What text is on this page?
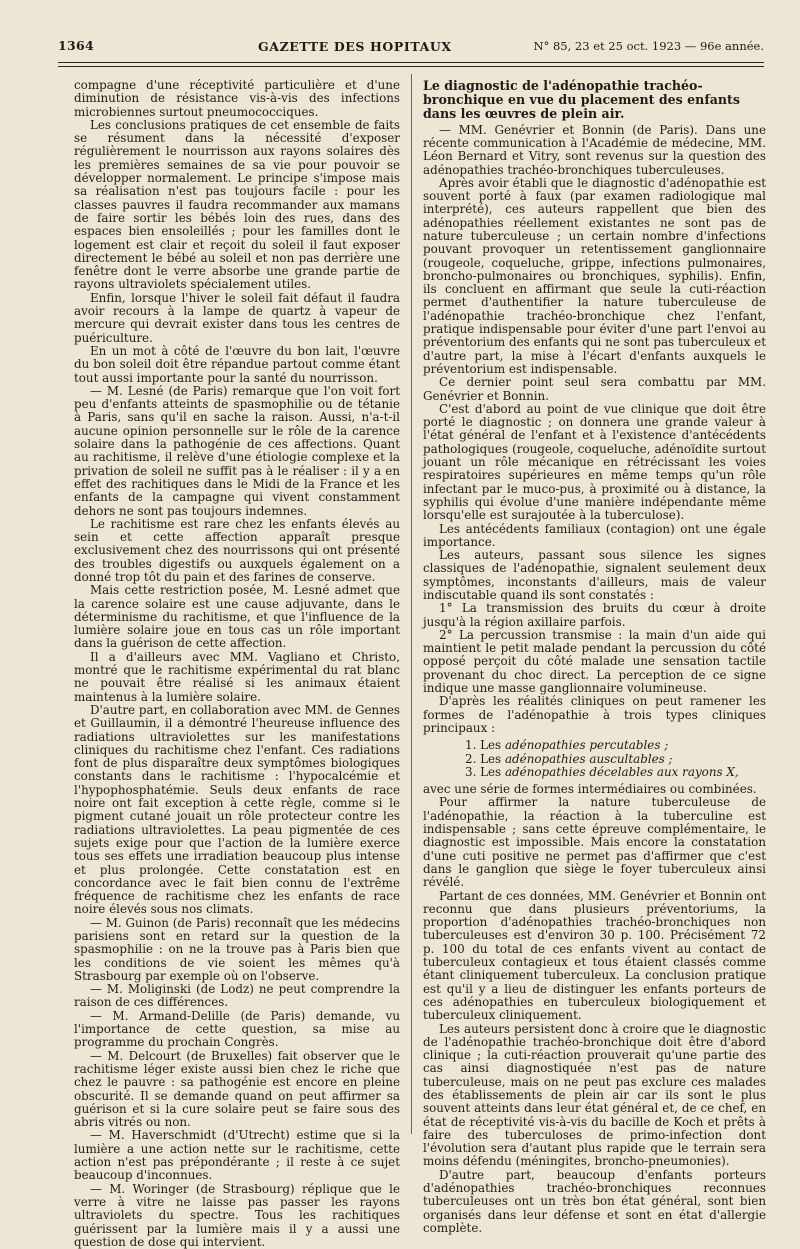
1364	GAZETTE DES HOPITAUX	N° 85, 23 et 25 oct. 1923 — 96e année.

compagne d'une réceptivité particulière et d'une diminution de résistance vis-à-vis des infections microbiennes surtout pneumococciques.

Les conclusions pratiques de cet ensemble de faits se résument dans la nécessité d'exposer régulièrement le nourrisson aux rayons solaires dès les premières semaines de sa vie pour pouvoir se développer normalement. Le principe s'impose mais sa réalisation n'est pas toujours facile : pour les classes pauvres il faudra recommander aux mamans de faire sortir les bébés loin des rues, dans des espaces bien ensoleillés ; pour les familles dont le logement est clair et reçoit du soleil il faut exposer directement le bébé au soleil et non pas derrière une fenêtre dont le verre absorbe une grande partie de rayons ultraviolets spécialement utiles.

Enfin, lorsque l'hiver le soleil fait défaut il faudra avoir recours à la lampe de quartz à vapeur de mercure qui devrait exister dans tous les centres de puériculture.

En un mot à côté de l'œuvre du bon lait, l'œuvre du bon soleil doit être répandue partout comme étant tout aussi importante pour la santé du nourrisson.

— M. Lesné (de Paris) remarque que l'on voit fort peu d'enfants atteints de spasmophilie ou de tétanie à Paris, sans qu'il en sache la raison. Aussi, n'a-t-il aucune opinion personnelle sur le rôle de la carence solaire dans la pathogénie de ces affections. Quant au rachitisme, il relève d'une étiologie complexe et la privation de soleil ne suffit pas à le réaliser : il y a en effet des rachitiques dans le Midi de la France et les enfants de la campagne qui vivent constamment dehors ne sont pas toujours indemnes.

Le rachitisme est rare chez les enfants élevés au sein et cette affection apparaît presque exclusivement chez des nourrissons qui ont présenté des troubles digestifs ou auxquels également on a donné trop tôt du pain et des farines de conserve.

Mais cette restriction posée, M. Lesné admet que la carence solaire est une cause adjuvante, dans le déterminisme du rachitisme, et que l'influence de la lumière solaire joue en tous cas un rôle important dans la guérison de cette affection.

Il a d'ailleurs avec MM. Vagliano et Christo, montré que le rachitisme expérimental du rat blanc ne pouvait être réalisé si les animaux étaient maintenus à la lumière solaire.

D'autre part, en collaboration avec MM. de Gennes et Guillaumin, il a démontré l'heureuse influence des radiations ultraviolettes sur les manifestations cliniques du rachitisme chez l'enfant. Ces radiations font de plus disparaître deux symptômes biologiques constants dans le rachitisme : l'hypocalcémie et l'hypophosphatémie. Seuls deux enfants de race noire ont fait exception à cette règle, comme si le pigment cutané jouait un rôle protecteur contre les radiations ultraviolettes. La peau pigmentée de ces sujets exige pour que l'action de la lumière exerce tous ses effets une irradiation beaucoup plus intense et plus prolongée. Cette constatation est en concordance avec le fait bien connu de l'extrême fréquence de rachitisme chez les enfants de race noire élevés sous nos climats.

— M. Guinon (de Paris) reconnaît que les médecins parisiens sont en retard sur la question de la spasmophilie : on ne la trouve pas à Paris bien que les conditions de vie soient les mêmes qu'à Strasbourg par exemple où on l'observe.

— M. Moliginski (de Lodz) ne peut comprendre la raison de ces différences.

— M. Armand-Delille (de Paris) demande, vu l'importance de cette question, sa mise au programme du prochain Congrès.

— M. Delcourt (de Bruxelles) fait observer que le rachitisme léger existe aussi bien chez le riche que chez le pauvre : sa pathogénie est encore en pleine obscurité. Il se demande quand on peut affirmer sa guérison et si la cure solaire peut se faire sous des abris vitrés ou non.

— M. Haverschmidt (d'Utrecht) estime que si la lumière a une action nette sur le rachitisme, cette action n'est pas prépondérante ; il reste à ce sujet beaucoup d'inconnues.

— M. Woringer (de Strasbourg) réplique que le verre à vitre ne laisse pas passer les rayons ultraviolets du spectre. Tous les rachitiques guérissent par la lumière mais il y a aussi une question de dose qui intervient.

Le diagnostic de l'adénopathie trachéo-bronchique en vue du placement des enfants dans les œuvres de plein air.

— MM. Genévrier et Bonnin (de Paris). Dans une récente communication à l'Académie de médecine, MM. Léon Bernard et Vitry, sont revenus sur la question des adénopathies trachéo-bronchiques tuberculeuses.

Après avoir établi que le diagnostic d'adénopathie est souvent porté à faux (par examen radiologique mal interprété), ces auteurs rappellent que bien des adénopathies réellement existantes ne sont pas de nature tuberculeuse ; un certain nombre d'infections pouvant provoquer un retentissement ganglionnaire (rougeole, coqueluche, grippe, infections pulmonaires, broncho-pulmonaires ou bronchiques, syphilis). Enfin, ils concluent en affirmant que seule la cuti-réaction permet d'authentifier la nature tuberculeuse de l'adénopathie trachéo-bronchique chez l'enfant, pratique indispensable pour éviter d'une part l'envoi au préventorium des enfants qui ne sont pas tuberculeux et d'autre part, la mise à l'écart d'enfants auxquels le préventorium est indispensable.

Ce dernier point seul sera combattu par MM. Genévrier et Bonnin.

C'est d'abord au point de vue clinique que doit être porté le diagnostic ; on donnera une grande valeur à l'état général de l'enfant et à l'existence d'antécédents pathologiques (rougeole, coqueluche, adénoïdite surtout jouant un rôle mécanique en rétrécissant les voies respiratoires supérieures en même temps qu'un rôle infectant par le muco-pus, à proximité ou à distance, la syphilis qui évolue d'une manière indépendante même lorsqu'elle est surajoutée à la tuberculose).

Les antécédents familiaux (contagion) ont une égale importance.

Les auteurs, passant sous silence les signes classiques de l'adénopathie, signalent seulement deux symptômes, inconstants d'ailleurs, mais de valeur indiscutable quand ils sont constatés :

1° La transmission des bruits du cœur à droite jusqu'à la région axillaire parfois.

2° La percussion transmise : la main d'un aide qui maintient le petit malade pendant la percussion du côté opposé perçoit du côté malade une sensation tactile provenant du choc direct. La perception de ce signe indique une masse ganglionnaire volumineuse.

D'après les réalités cliniques on peut ramener les formes de l'adénopathie à trois types cliniques principaux :

1. Les adénopathies percutables ;
2. Les adénopathies auscultables ;
3. Les adénopathies décelables aux rayons X,

avec une série de formes intermédiaires ou combinées.

Pour affirmer la nature tuberculeuse de l'adénopathie, la réaction à la tuberculine est indispensable ; sans cette épreuve complémentaire, le diagnostic est impossible. Mais encore la constatation d'une cuti positive ne permet pas d'affirmer que c'est dans le ganglion que siège le foyer tuberculeux ainsi révélé.

Partant de ces données, MM. Genévrier et Bonnin ont reconnu que dans plusieurs préventoriums, la proportion d'adénopathies trachéo-bronchiques non tuberculeuses est d'environ 30 p. 100. Précisément 72 p. 100 du total de ces enfants vivent au contact de tuberculeux contagieux et tous étaient classés comme étant cliniquement tuberculeux. La conclusion pratique est qu'il y a lieu de distinguer les enfants porteurs de ces adénopathies en tuberculeux biologiquement et tuberculeux cliniquement.

Les auteurs persistent donc à croire que le diagnostic de l'adénopathie trachéo-bronchique doit être d'abord clinique ; la cuti-réaction prouverait qu'une partie des cas ainsi diagnostiquée n'est pas de nature tuberculeuse, mais on ne peut pas exclure ces malades des établissements de plein air car ils sont le plus souvent atteints dans leur état général et, de ce chef, en état de réceptivité vis-à-vis du bacille de Koch et prêts à faire des tuberculoses de primo-infection dont l'évolution sera d'autant plus rapide que le terrain sera moins défendu (méningites, broncho-pneumonies).

D'autre part, beaucoup d'enfants porteurs d'adénopathies trachéo-bronchiques reconnues tuberculeuses ont un très bon état général, sont bien organisés dans leur défense et sont en état d'allergie complète.
